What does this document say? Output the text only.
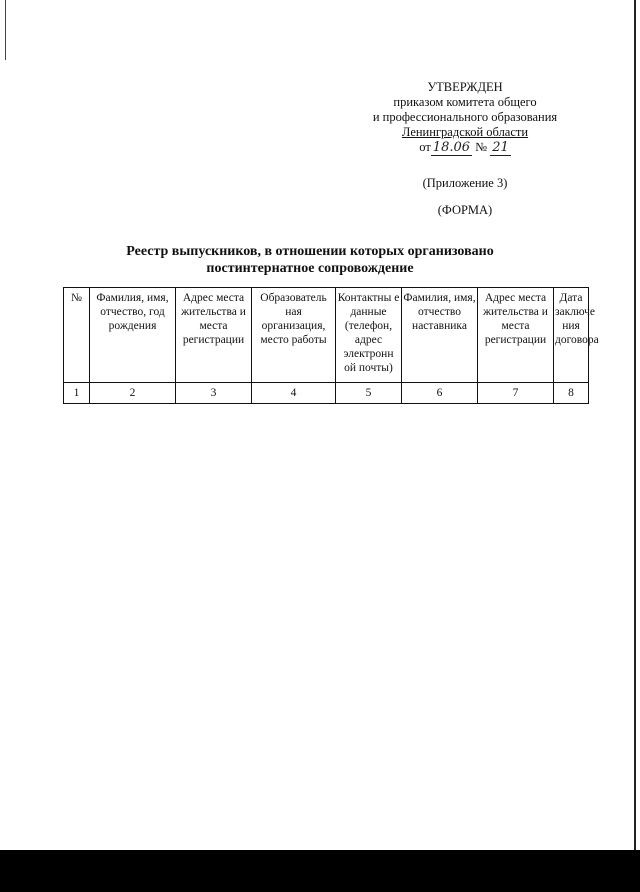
УТВЕРЖДЕН
приказом комитета общего
и профессионального образования
Ленинградской области
от 18.06 № 21
(Приложение 3)
(ФОРМА)
Реестр выпускников, в отношении которых организовано
постинтернатное сопровождение
№	Фамилия, имя, отчество, год рождения	Адрес места жительства и места регистрации	Образователь ная организация, место работы	Контактны е данные (телефон, адрес электронн ой почты)	Фамилия, имя, отчество наставника	Адрес места жительства и места регистрации	Дата заключе ния договора
1	2	3	4	5	6	7	8
